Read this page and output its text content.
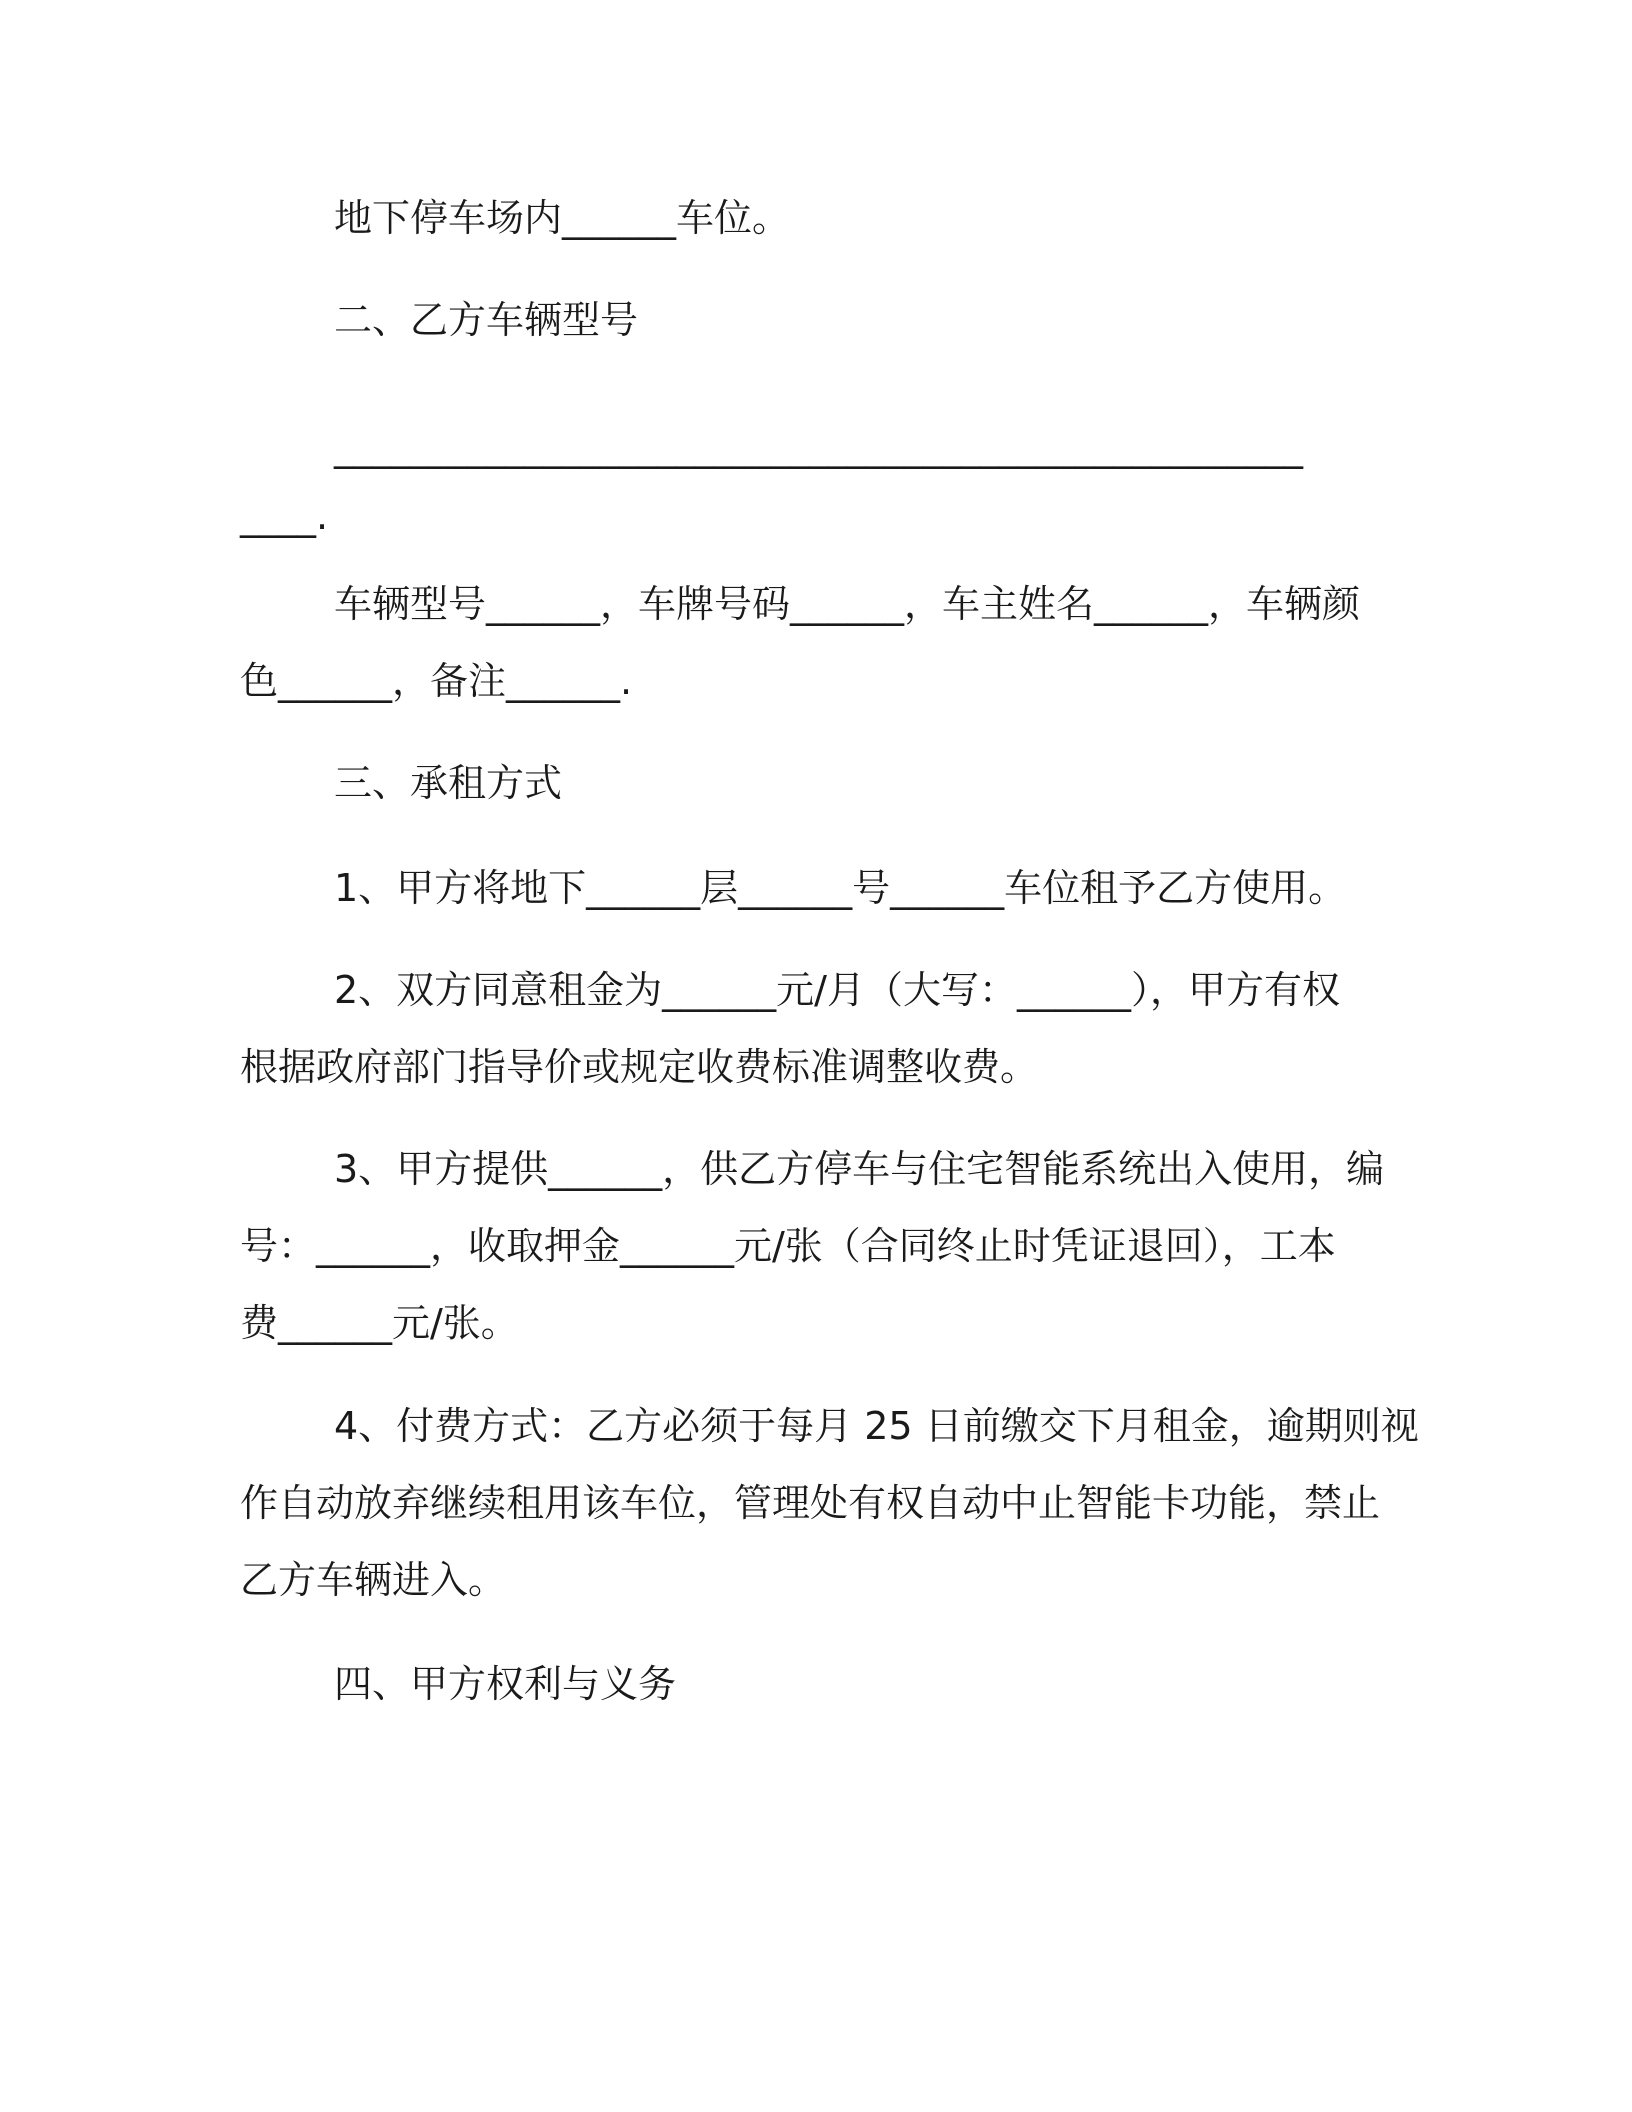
地下停车场内______车位。
二、乙方车辆型号
___________________________________________________
____.
车辆型号______，车牌号码______，车主姓名______，车辆颜
色______，备注______.
三、承租方式
1、甲方将地下______层______号______车位租予乙方使用。
2、双方同意租金为______元/月（大写：______），甲方有权
根据政府部门指导价或规定收费标准调整收费。
3、甲方提供______，供乙方停车与住宅智能系统出入使用，编
号：______，收取押金______元/张（合同终止时凭证退回），工本
费______元/张。
4、付费方式：乙方必须于每月 25 日前缴交下月租金，逾期则视
作自动放弃继续租用该车位，管理处有权自动中止智能卡功能，禁止
乙方车辆进入。
四、甲方权利与义务
